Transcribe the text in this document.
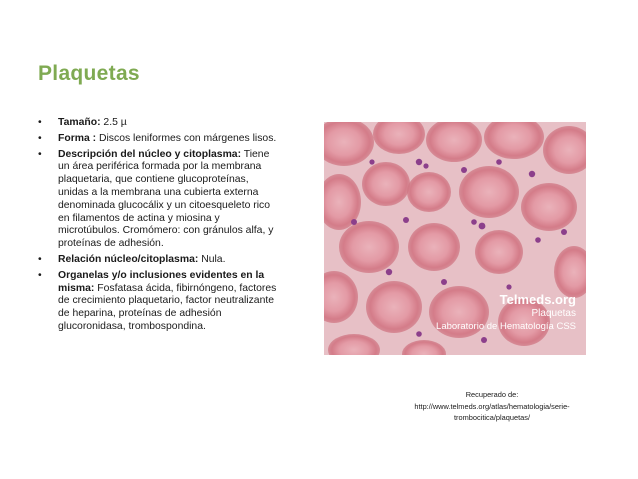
Plaquetas
• Tamaño: 2.5 µ
• Forma : Discos leniformes con márgenes lisos.
• Descripción del núcleo y citoplasma: Tiene un área periférica formada por la membrana plaquetaria, que contiene glucoproteínas, unidas a la membrana una cubierta externa denominada glucocálix y un citoesqueleto rico en filamentos de actina y miosina y microtúbulos. Cromómero: con gránulos alfa, y proteínas de adhesión.
• Relación núcleo/citoplasma: Nula.
• Organelas y/o inclusiones evidentes en la misma: Fosfatasa ácida, fibirnóngeno, factores de crecimiento plaquetario, factor neutralizante de heparina, proteínas de adhesión glucoronidasa, trombospondina.
Telmeds.org
Plaquetas
Laboratorio de Hematología CSS
Recuperado de:
http://www.telmeds.org/atlas/hematologia/serie-
trombocitica/plaquetas/
